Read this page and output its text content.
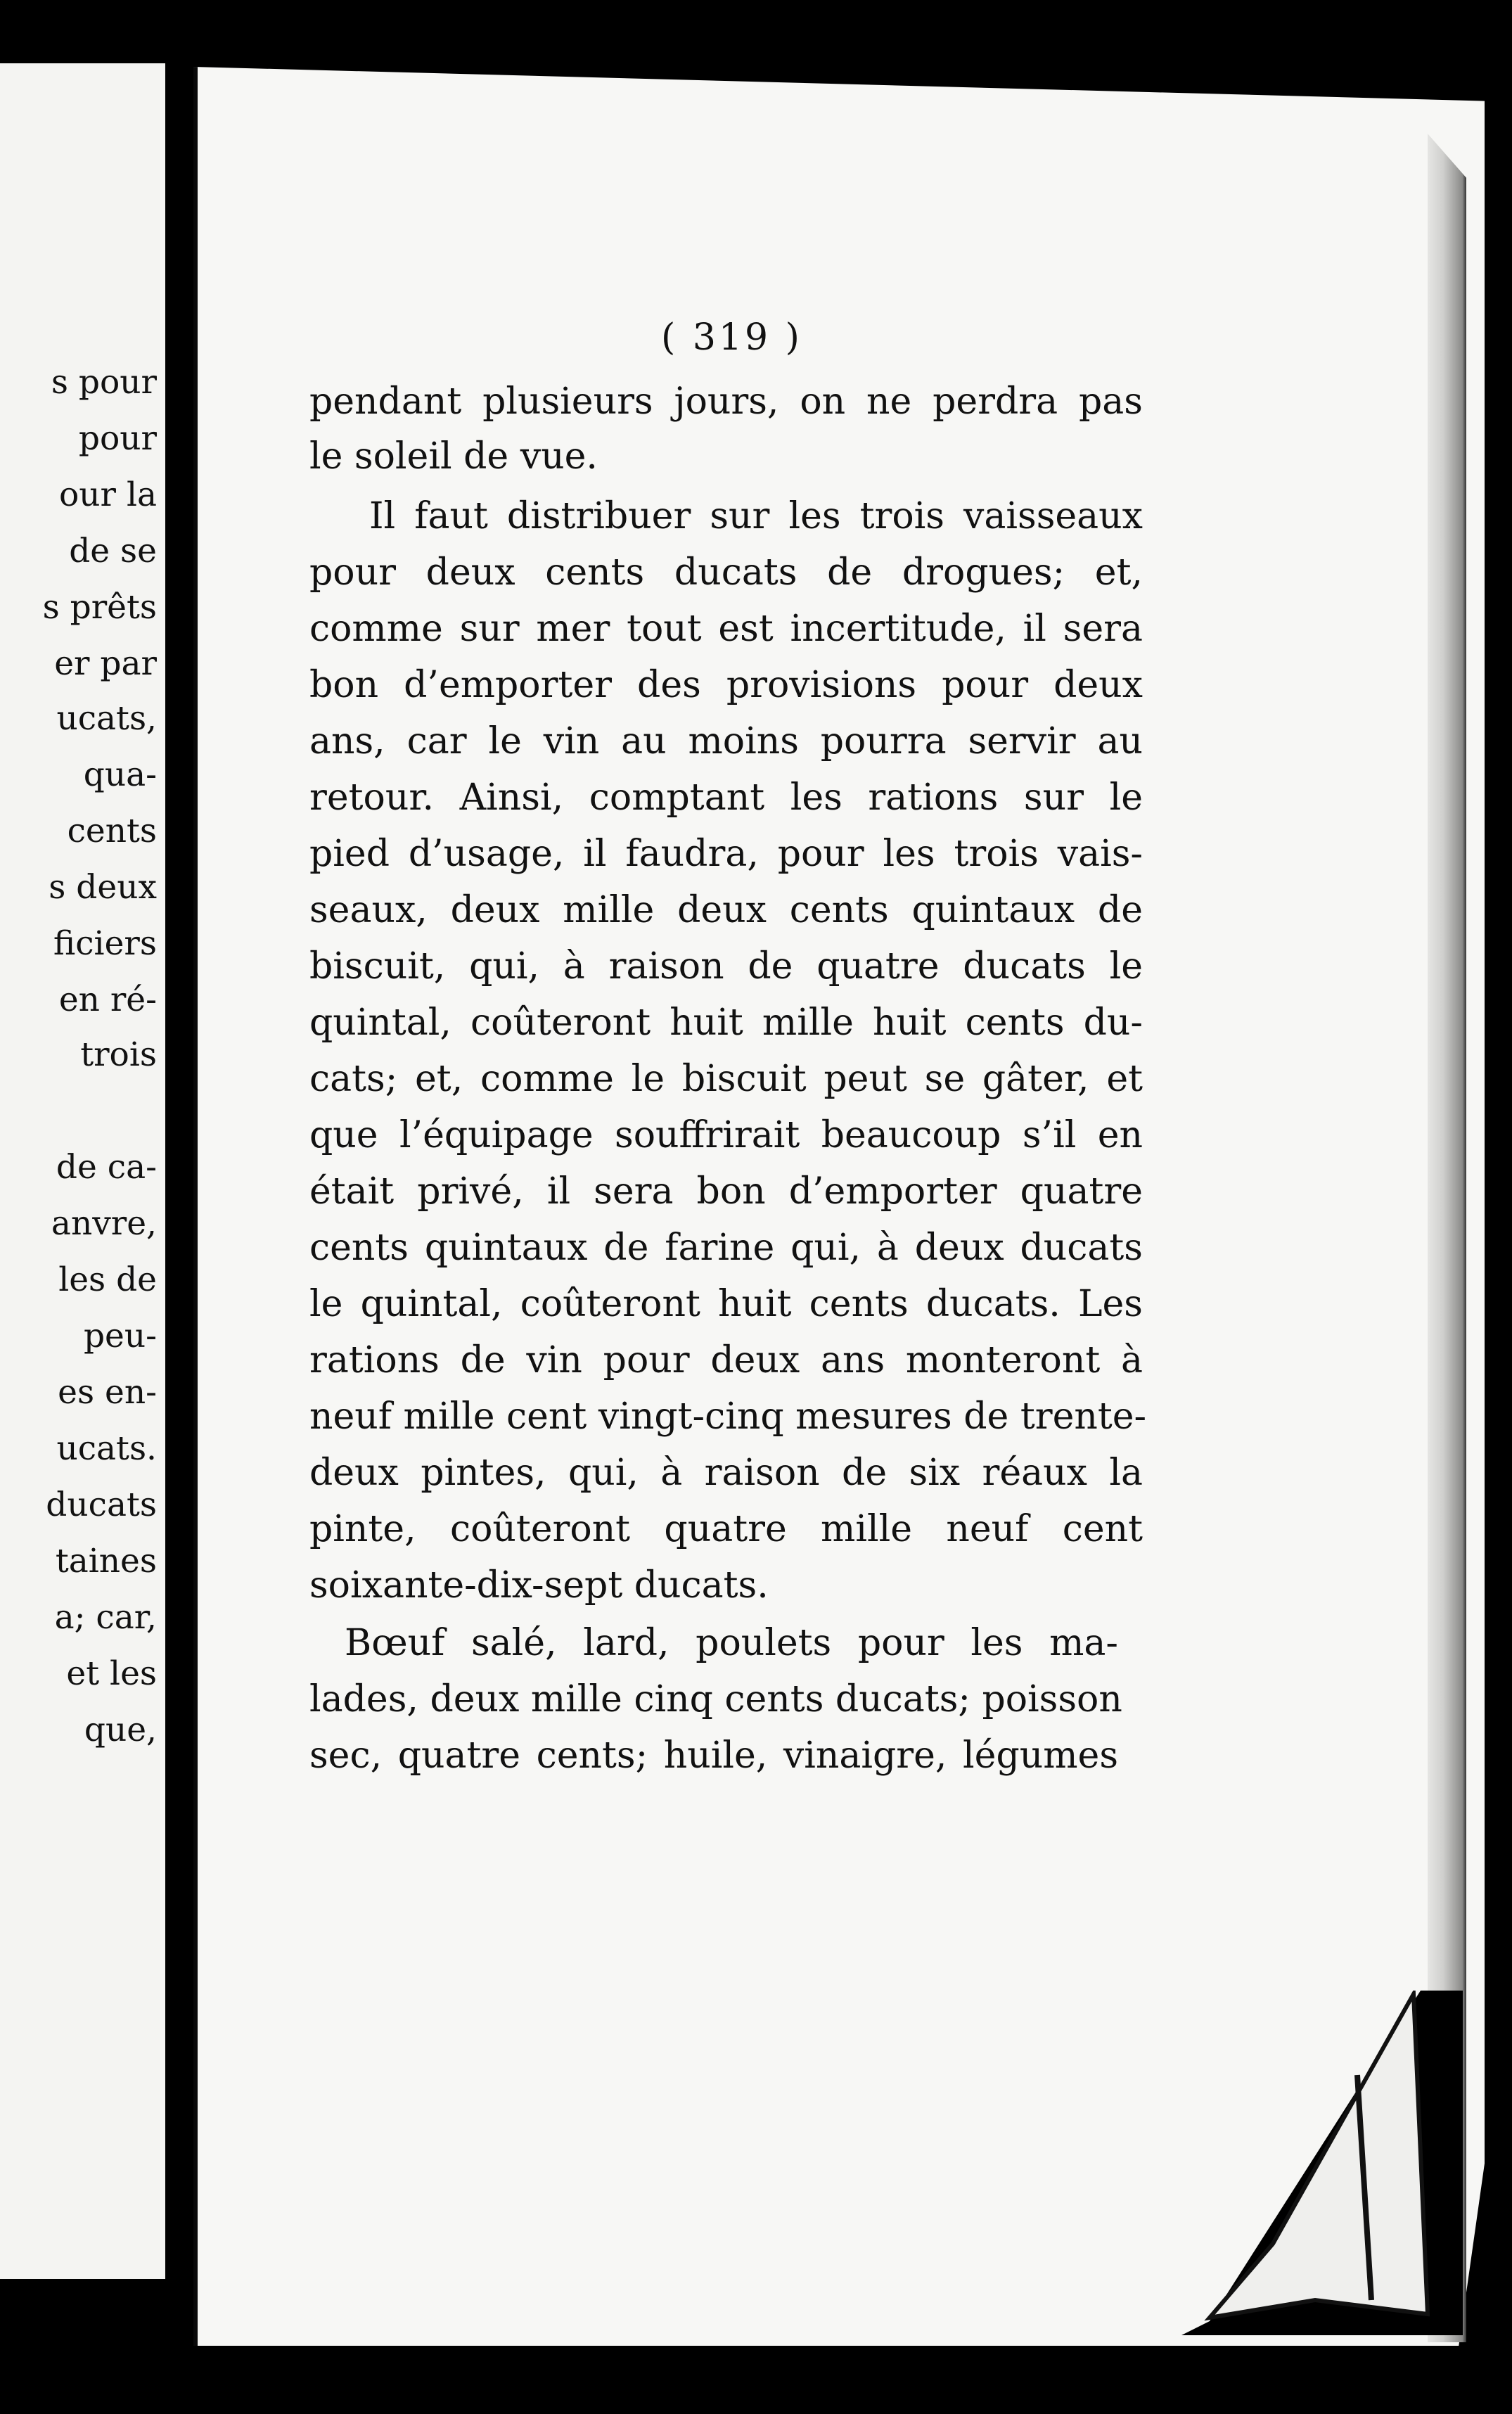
s pour
pour
our la
de se
s prêts
er par
ucats,
qua-
cents
s deux
ficiers
en ré-
trois
de ca-
anvre,
les de
peu-
es en-
ucats.
ducats
taines
a; car,
et les
que,
( 319 )
pendant plusieurs jours, on ne perdra pas
le soleil de vue.
Il faut distribuer sur les trois vaisseaux
pour deux cents ducats de drogues; et,
comme sur mer tout est incertitude, il sera
bon d’emporter des provisions pour deux
ans, car le vin au moins pourra servir au
retour. Ainsi, comptant les rations sur le
pied d’usage, il faudra, pour les trois vais-
seaux, deux mille deux cents quintaux de
biscuit, qui, à raison de quatre ducats le
quintal, coûteront huit mille huit cents du-
cats; et, comme le biscuit peut se gâter, et
que l’équipage souffrirait beaucoup s’il en
était privé, il sera bon d’emporter quatre
cents quintaux de farine qui, à deux ducats
le quintal, coûteront huit cents ducats. Les
rations de vin pour deux ans monteront à
neuf mille cent vingt-cinq mesures de trente-
deux pintes, qui, à raison de six réaux la
pinte, coûteront quatre mille neuf cent
soixante-dix-sept ducats.
Bœuf salé, lard, poulets pour les ma-
lades, deux mille cinq cents ducats; poisson
sec, quatre cents; huile, vinaigre, légumes
